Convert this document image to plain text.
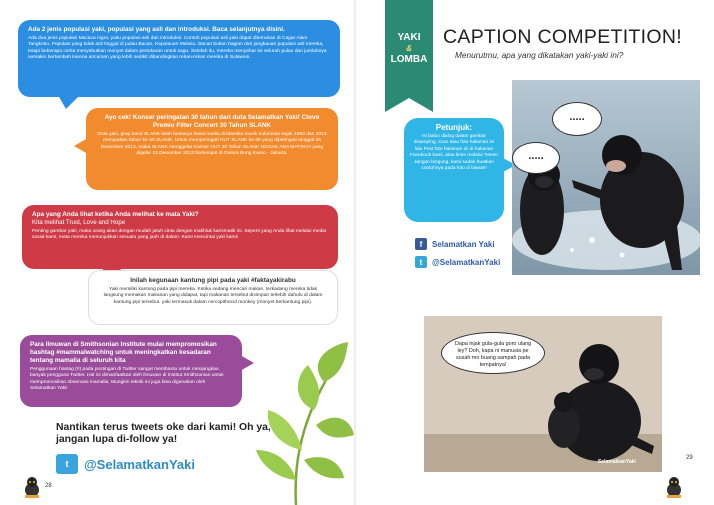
Ada 2 jenis populasi yaki, populasi yang asli dan introduksi. Baca selanjutnya disini.
Ada dua jenis populasi Macaca nigra, yaitu populasi asli dan introduksi. Contoh populasi asli yaki dapat ditemukan di Cagar Alam Tangkoko. Populasi yang tidak asli tinggal di pulau Bacan, Kepulauan Maluku. Bacan bukan bagian dari jangkauan populasi asli mereka, tetapi beberapa cerita menyebutkan monyet dalam pertukaran untuk sagu. Setelah itu, mereka menyebar ke seluruh pulau dan jumlahnya semakin bertambah karena ancaman yang lebih sedikit dibandingkan rekan-rekan mereka di Sulawesi.
Ayo cek! Konser peringatan 30 tahun dari duta Selamatkan Yaki! Clovo Premio Filter Concert 30 Tahun SLANK
Duta yaki, grup band SLANK telah berkarya lewat media di blantika musik Indonesia sejak 1983 dan 2013 merupakan tahun ke-30 SLANK. Untuk memperingati HUT SLANK ke-30 yang diperingati tanggal 26 Desember 2013, maka SLANK menggelar Konser HUT 30 Tahun SLANK NGGAK ADA MATINYA yang digelar 13 Desember 2013 bertempat di Gelora Bung Karno - Jakarta.
Apa yang Anda lihat ketika Anda melihat ke mata Yaki?
Kita melihat Trust, Love and Hope
Penting gambar yaki, maka orang akan dengan mudah jatuh cinta dengan makhluk karismatik ini. Seperti yang Anda lihat melalui media sosial kami, mata mereka menunjukkan sesuatu yang jauh di dalam. Kami mencintai yaki kami!
Inilah kegunaan kantung pipi pada yaki #faktayakirabu
Yaki memiliki kantung pada pipi mereka. Ketika sedang mencari makan, terkadang mereka tidak langsung memakan makanan yang didapat, tapi makanan tersebut disimpan terlebih dahulu di dalam kantung pipi tersebut. yaki termasuk dalam cercopithecid monkey (monyet berkantung pipi).
Para ilmuwan di Smithsonian Institute mulai mempromosikan hashtag #mammalwatching untuk meningkatkan kesadaran tentang mamalia di seluruh kita
Penggunaan hastag (#) pada postingan di Twitter sangat membantu untuk menjangkau banyak pengguna Twitter. Hal ini dimanfaatkan oleh ilmuwan di Institut Smithsonian untuk mempromosikan observasi mamalia. Mungkin teknik ini juga bisa digunakan oleh Selamatkan Yaki!
Nantikan terus tweets oke dari kami! Oh ya, jangan lupa di-follow ya!
t	@SelamatkanYaki
28
YAKI
&
LOMBA
CAPTION COMPETITION!
Menurutmu, apa yang dikatakan yaki-yaki ini?
Petunjuk:
Isi balon dialog dalam gambar disamping, scan atau foto halaman ini lalu Post foto halaman ini di halaman Facebook kami, atau kirim melalui Tweet! Jangan bingung, kami sudah buatkan contohnya pada foto di bawah!
f	Selamatkan Yaki
t	@SelamatkanYaki
.....
.....
Dapa injak gula-gula goro ulang ley? Doh, kapa ni manusia pe susah mo buang sampah pada tempatnya!
SelamatkanYaki
29
